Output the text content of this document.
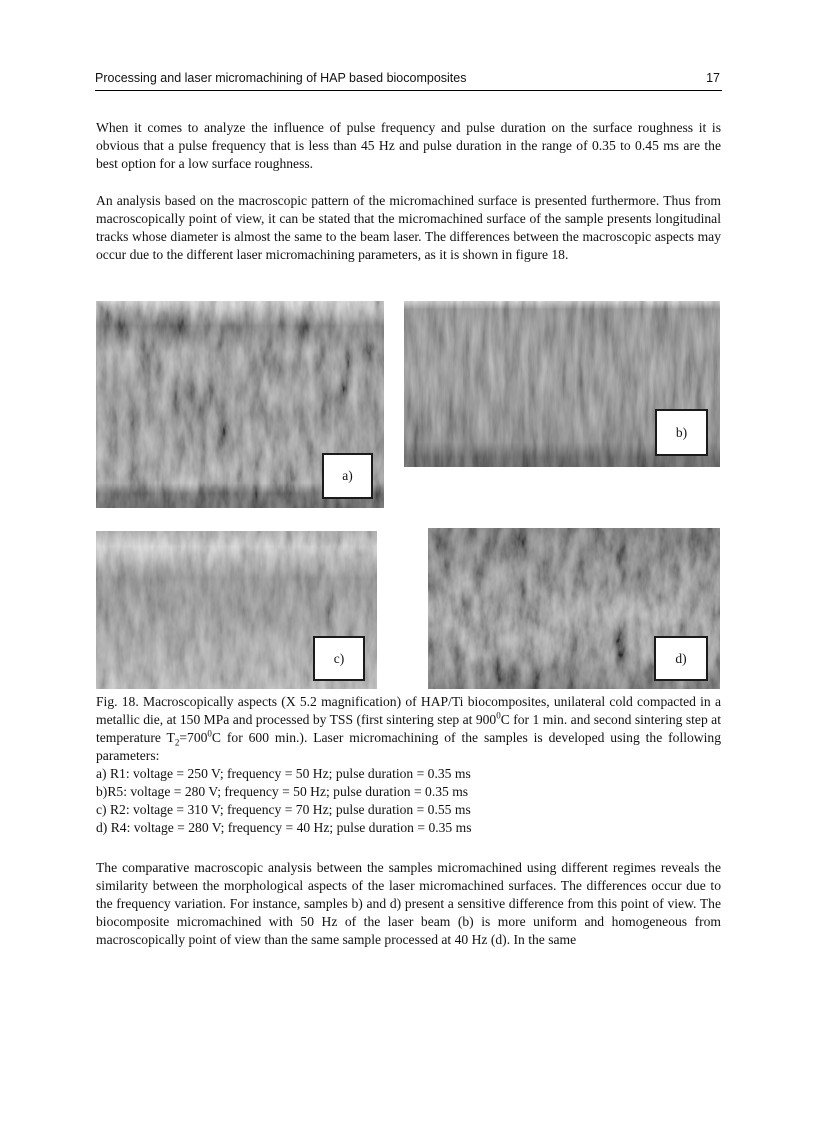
Processing and laser micromachining of HAP based biocomposites	17

When it comes to analyze the influence of pulse frequency and pulse duration on the surface roughness it is obvious that a pulse frequency that is less than 45 Hz and pulse duration in the range of 0.35 to 0.45 ms are the best option for a low surface roughness.

An analysis based on the macroscopic pattern of the micromachined surface is presented furthermore. Thus from macroscopically point of view, it can be stated that the micromachined surface of the sample presents longitudinal tracks whose diameter is almost the same to the beam laser. The differences between the macroscopic aspects may occur due to the different laser micromachining parameters, as it is shown in figure 18.

a)
b)
c)	d)

Fig. 18. Macroscopically aspects (X 5.2 magnification) of HAP/Ti biocomposites, unilateral cold compacted in a metallic die, at 150 MPa and processed by TSS (first sintering step at $900^0C$ for 1 min. and second sintering step at temperature $T_2=700^0C$ for 600 min.). Laser micromachining of the samples is developed using the following parameters:

a) R1: voltage = 250 V; frequency = 50 Hz; pulse duration = 0.35 ms
b)R5: voltage = 280 V; frequency = 50 Hz; pulse duration = 0.35 ms
c) R2: voltage = 310 V; frequency = 70 Hz; pulse duration = 0.55 ms
d) R4: voltage = 280 V; frequency = 40 Hz; pulse duration = 0.35 ms

The comparative macroscopic analysis between the samples micromachined using different regimes reveals the similarity between the morphological aspects of the laser micromachined surfaces. The differences occur due to the frequency variation. For instance, samples b) and d) present a sensitive difference from this point of view. The biocomposite micromachined with 50 Hz of the laser beam (b) is more uniform and homogeneous from macroscopically point of view than the same sample processed at 40 Hz (d). In the same
